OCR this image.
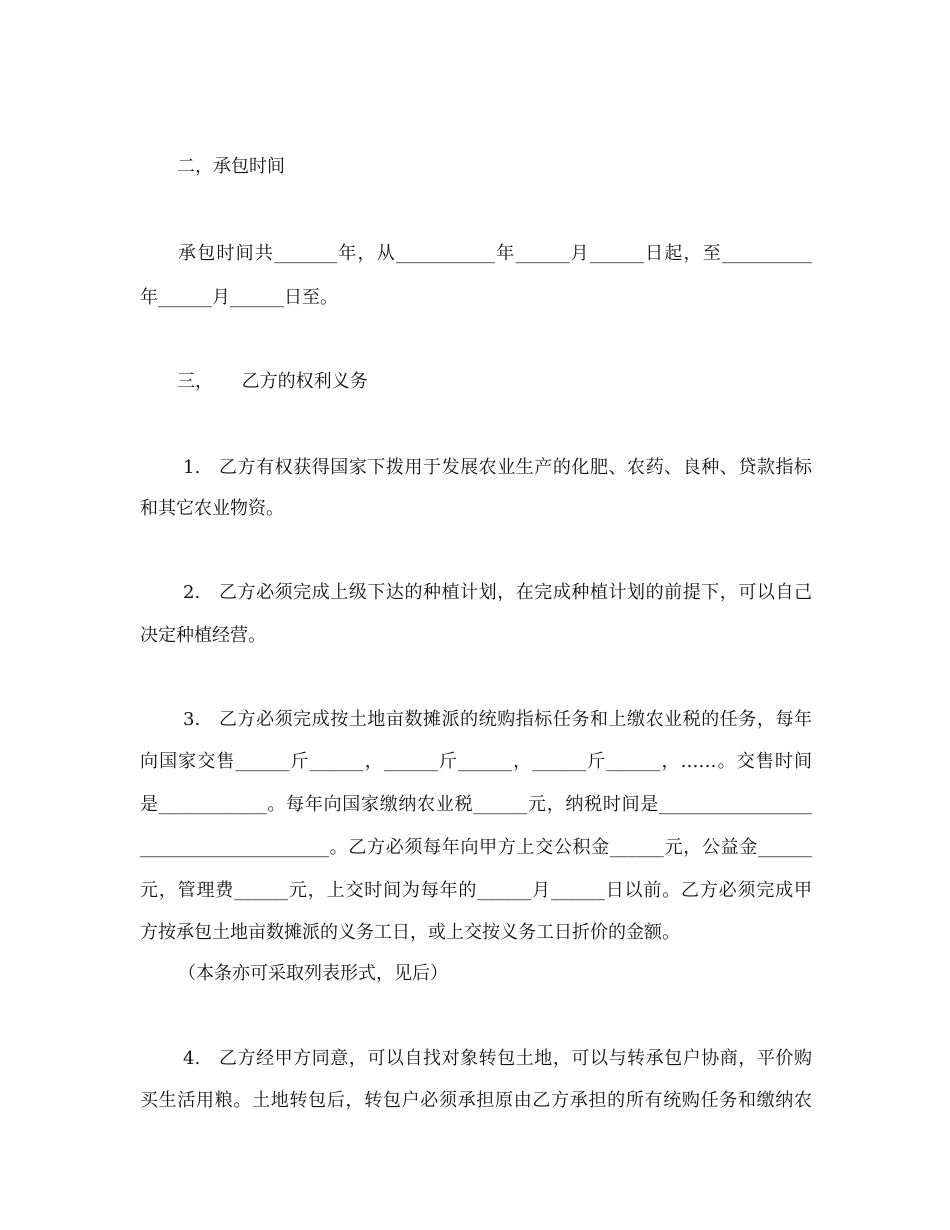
二，承包时间
承包时间共_______年，从___________年______月______日起，至__________
年______月______日至。
三，     乙方的权利义务
1.   乙方有权获得国家下拨用于发展农业生产的化肥、农药、良种、贷款指标
和其它农业物资。
2.   乙方必须完成上级下达的种植计划，在完成种植计划的前提下，可以自己
决定种植经营。
3.   乙方必须完成按土地亩数摊派的统购指标任务和上缴农业税的任务，每年
向国家交售______斤______，______斤______，______斤______，……。交售时间
是____________。每年向国家缴纳农业税______元，纳税时间是_________________
_____________________。乙方必须每年向甲方上交公积金______元，公益金______
元，管理费______元，上交时间为每年的______月______日以前。乙方必须完成甲
方按承包土地亩数摊派的义务工日，或上交按义务工日折价的金额。
（本条亦可采取列表形式，见后）
4.   乙方经甲方同意，可以自找对象转包土地，可以与转承包户协商，平价购
买生活用粮。土地转包后，转包户必须承担原由乙方承担的所有统购任务和缴纳农
